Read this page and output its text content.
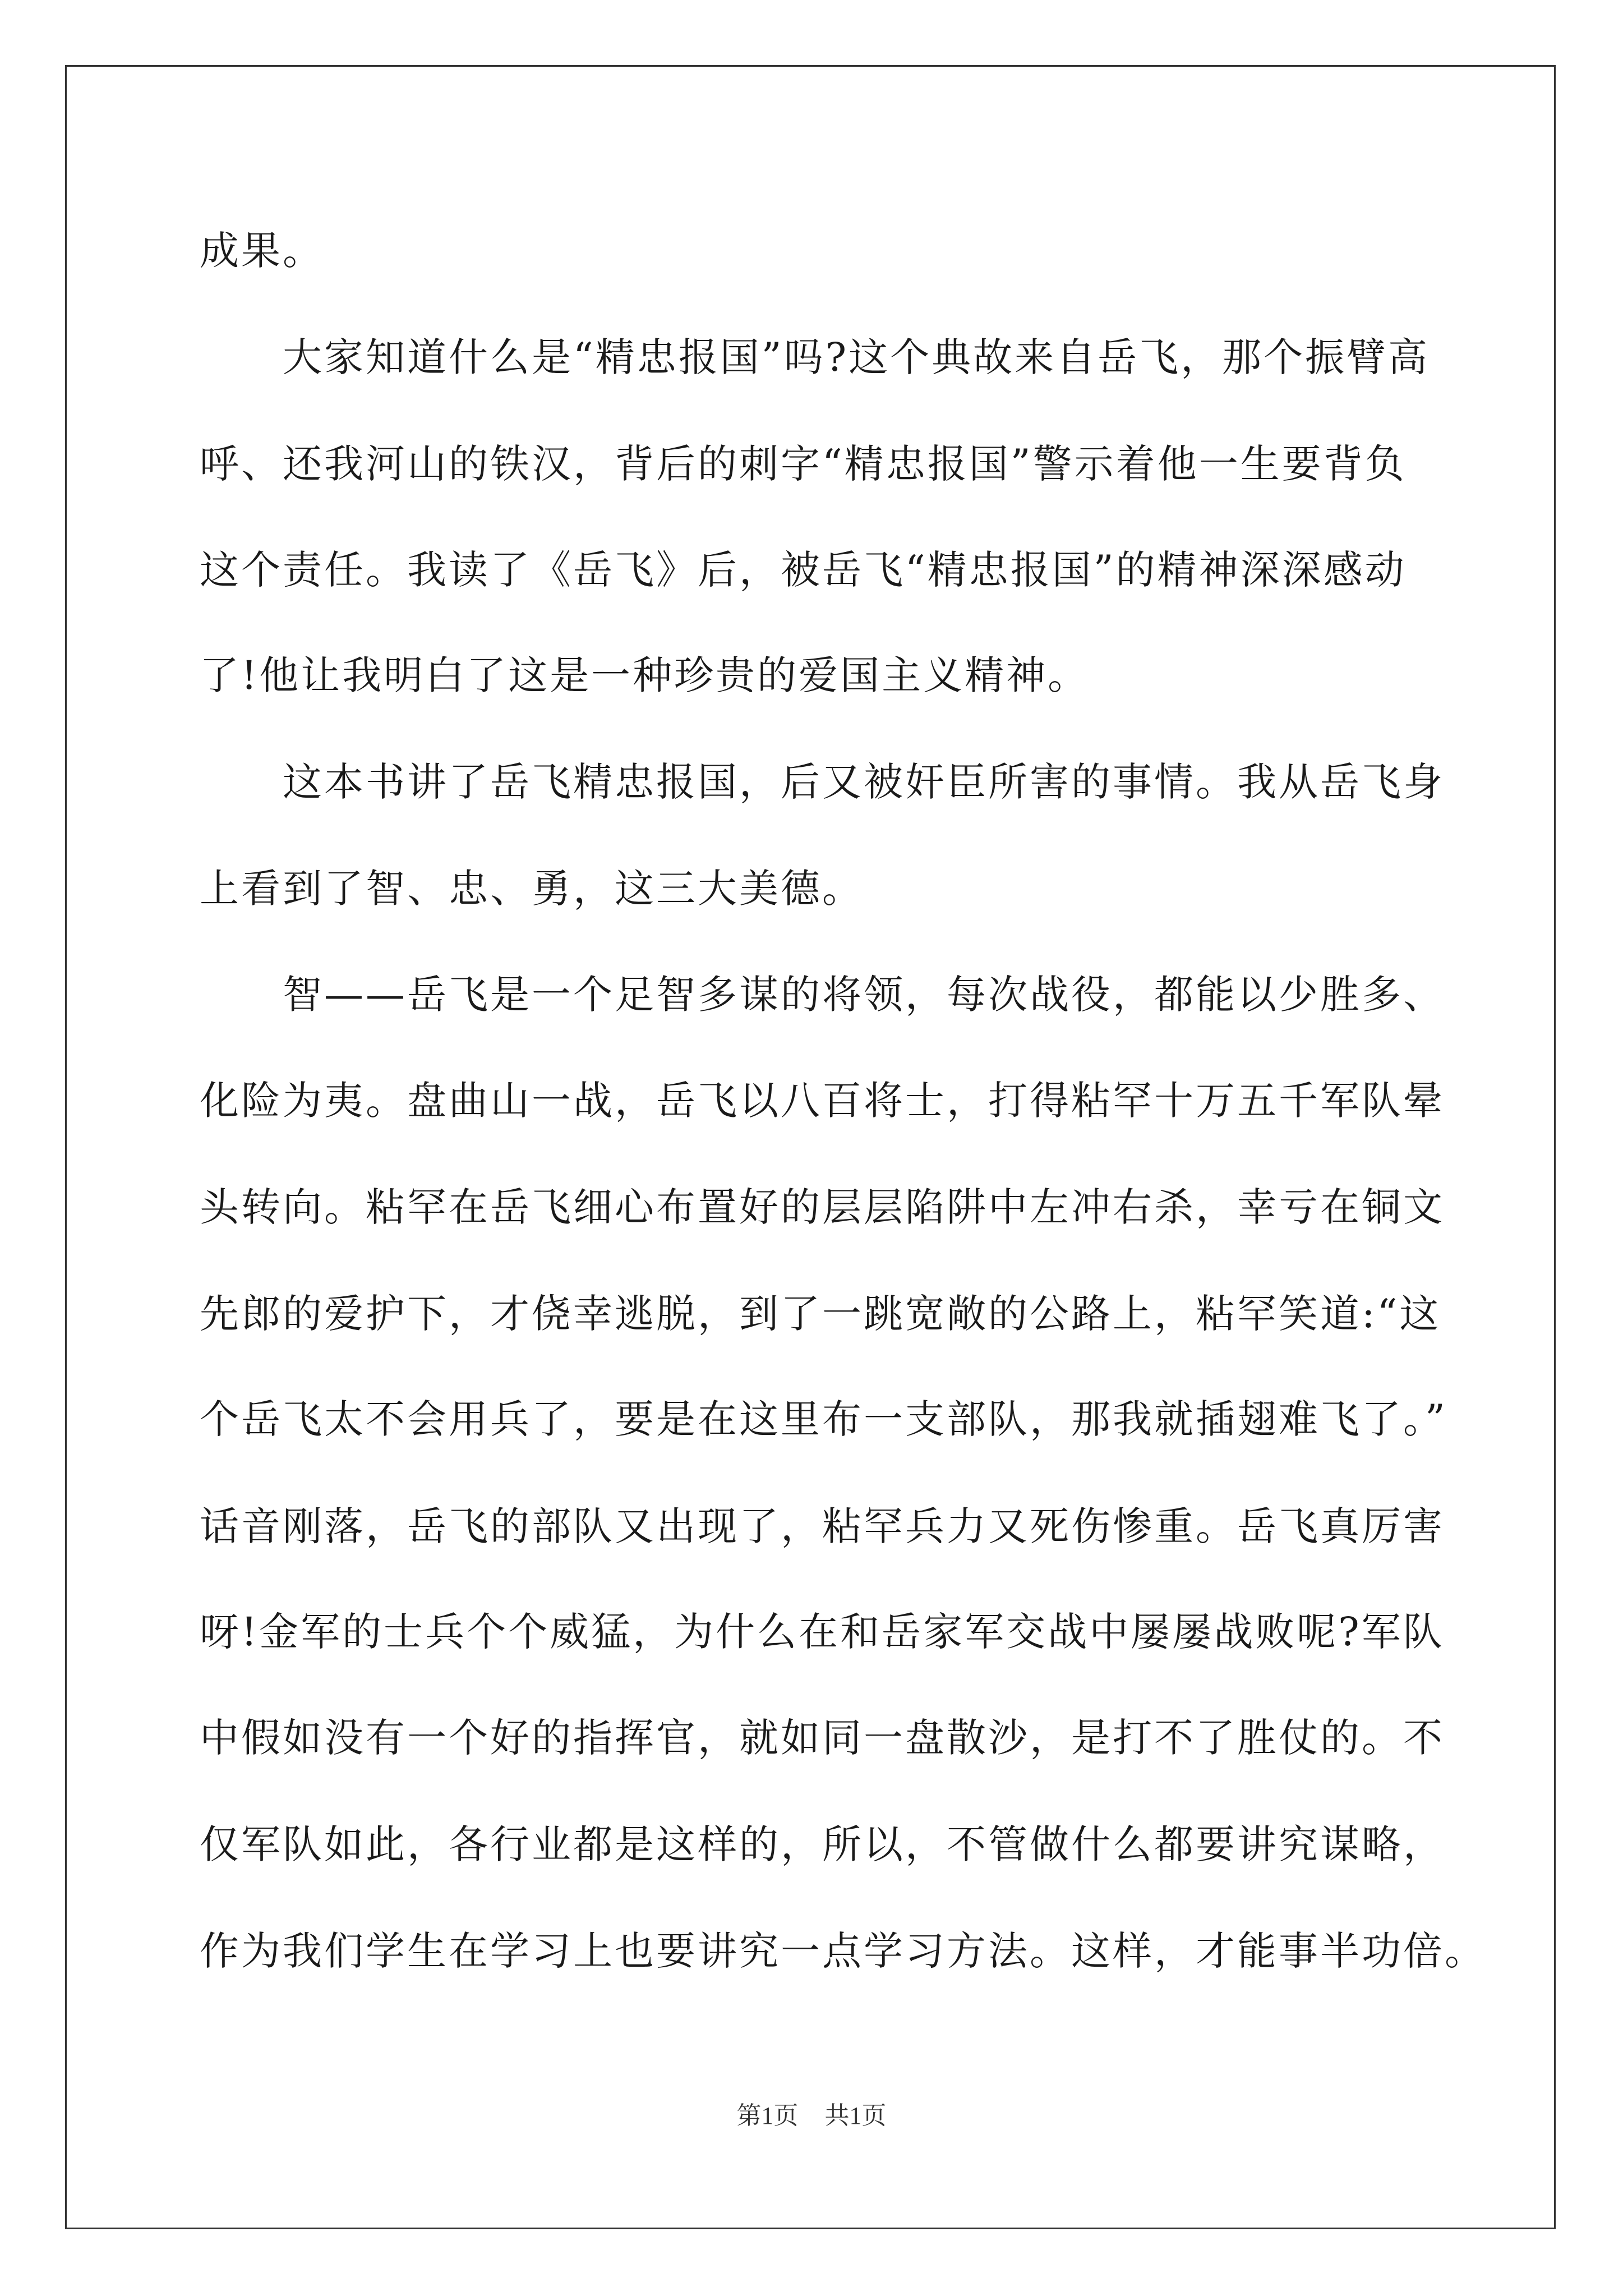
成果。
　　大家知道什么是“精忠报国”吗?这个典故来自岳飞，那个振臂高
呼、还我河山的铁汉，背后的刺字“精忠报国”警示着他一生要背负
这个责任。我读了《岳飞》后，被岳飞“精忠报国”的精神深深感动
了!他让我明白了这是一种珍贵的爱国主义精神。
　　这本书讲了岳飞精忠报国，后又被奸臣所害的事情。我从岳飞身
上看到了智、忠、勇，这三大美德。
　　智——岳飞是一个足智多谋的将领，每次战役，都能以少胜多、
化险为夷。盘曲山一战，岳飞以八百将士，打得粘罕十万五千军队晕
头转向。粘罕在岳飞细心布置好的层层陷阱中左冲右杀，幸亏在铜文
先郎的爱护下，才侥幸逃脱，到了一跳宽敞的公路上，粘罕笑道:“这
个岳飞太不会用兵了，要是在这里布一支部队，那我就插翅难飞了。”
话音刚落，岳飞的部队又出现了，粘罕兵力又死伤惨重。岳飞真厉害
呀!金军的士兵个个威猛，为什么在和岳家军交战中屡屡战败呢?军队
中假如没有一个好的指挥官，就如同一盘散沙，是打不了胜仗的。不
仅军队如此，各行业都是这样的，所以，不管做什么都要讲究谋略，
作为我们学生在学习上也要讲究一点学习方法。这样，才能事半功倍。
第1页 共1页
